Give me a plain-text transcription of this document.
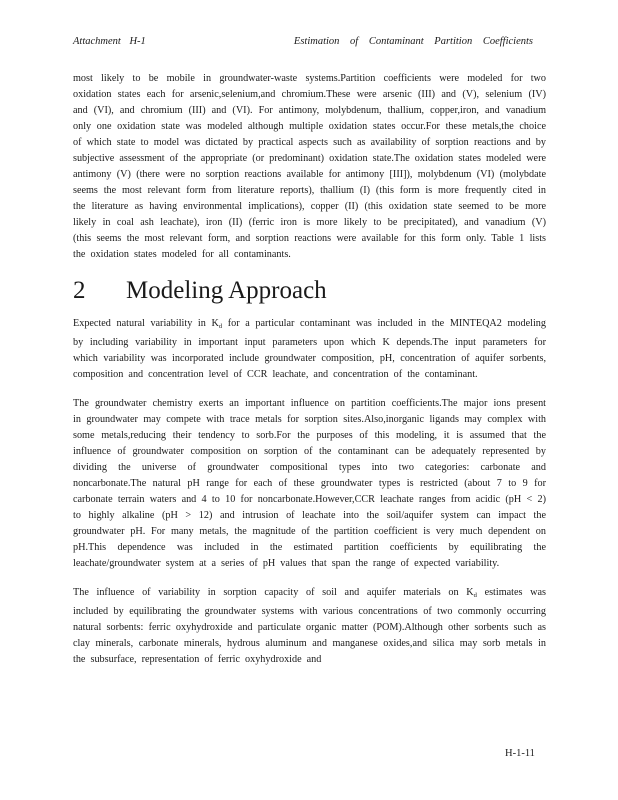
Attachment H-1	Estimation of Contaminant Partition Coefficients

most likely to be mobile in groundwater-waste systems.Partition coefficients were modeled for two oxidation states each for arsenic,selenium,and chromium.These were arsenic (III) and (V), selenium (IV) and (VI), and chromium (III) and (VI). For antimony, molybdenum, thallium, copper,iron, and vanadium only one oxidation state was modeled although multiple oxidation states occur.For these metals,the choice of which state to model was dictated by practical aspects such as availability of sorption reactions and by subjective assessment of the appropriate (or predominant) oxidation state.The oxidation states modeled were antimony (V) (there were no sorption reactions available for antimony [III]), molybdenum (VI) (molybdate seems the most relevant form from literature reports), thallium (I) (this form is more frequently cited in the literature as having environmental implications), copper (II) (this oxidation state seemed to be more likely in coal ash leachate), iron (II) (ferric iron is more likely to be precipitated), and vanadium (V) (this seems the most relevant form, and sorption reactions were available for this form only. Table 1 lists the oxidation states modeled for all contaminants.

2 Modeling Approach

Expected natural variability in $K_d$ for a particular contaminant was included in the MINTEQA2 modeling by including variability in important input parameters upon which K depends.The input parameters for which variability was incorporated include groundwater composition, pH, concentration of aquifer sorbents, composition and concentration level of CCR leachate, and concentration of the contaminant.

The groundwater chemistry exerts an important influence on partition coefficients.The major ions present in groundwater may compete with trace metals for sorption sites.Also,inorganic ligands may complex with some metals,reducing their tendency to sorb.For the purposes of this modeling, it is assumed that the influence of groundwater composition on sorption of the contaminant can be adequately represented by dividing the universe of groundwater compositional types into two categories: carbonate and noncarbonate.The natural pH range for each of these groundwater types is restricted (about 7 to 9 for carbonate terrain waters and 4 to 10 for noncarbonate.However,CCR leachate ranges from acidic (pH < 2) to highly alkaline (pH > 12) and intrusion of leachate into the soil/aquifer system can impact the groundwater pH. For many metals, the magnitude of the partition coefficient is very much dependent on pH.This dependence was included in the estimated partition coefficients by equilibrating the leachate/groundwater system at a series of pH values that span the range of expected variability.

The influence of variability in sorption capacity of soil and aquifer materials on $K_d$ estimates was included by equilibrating the groundwater systems with various concentrations of two commonly occurring natural sorbents: ferric oxyhydroxide and particulate organic matter (POM).Although other sorbents such as clay minerals, carbonate minerals, hydrous aluminum and manganese oxides,and silica may sorb metals in the subsurface, representation of ferric oxyhydroxide and

H-1-11
